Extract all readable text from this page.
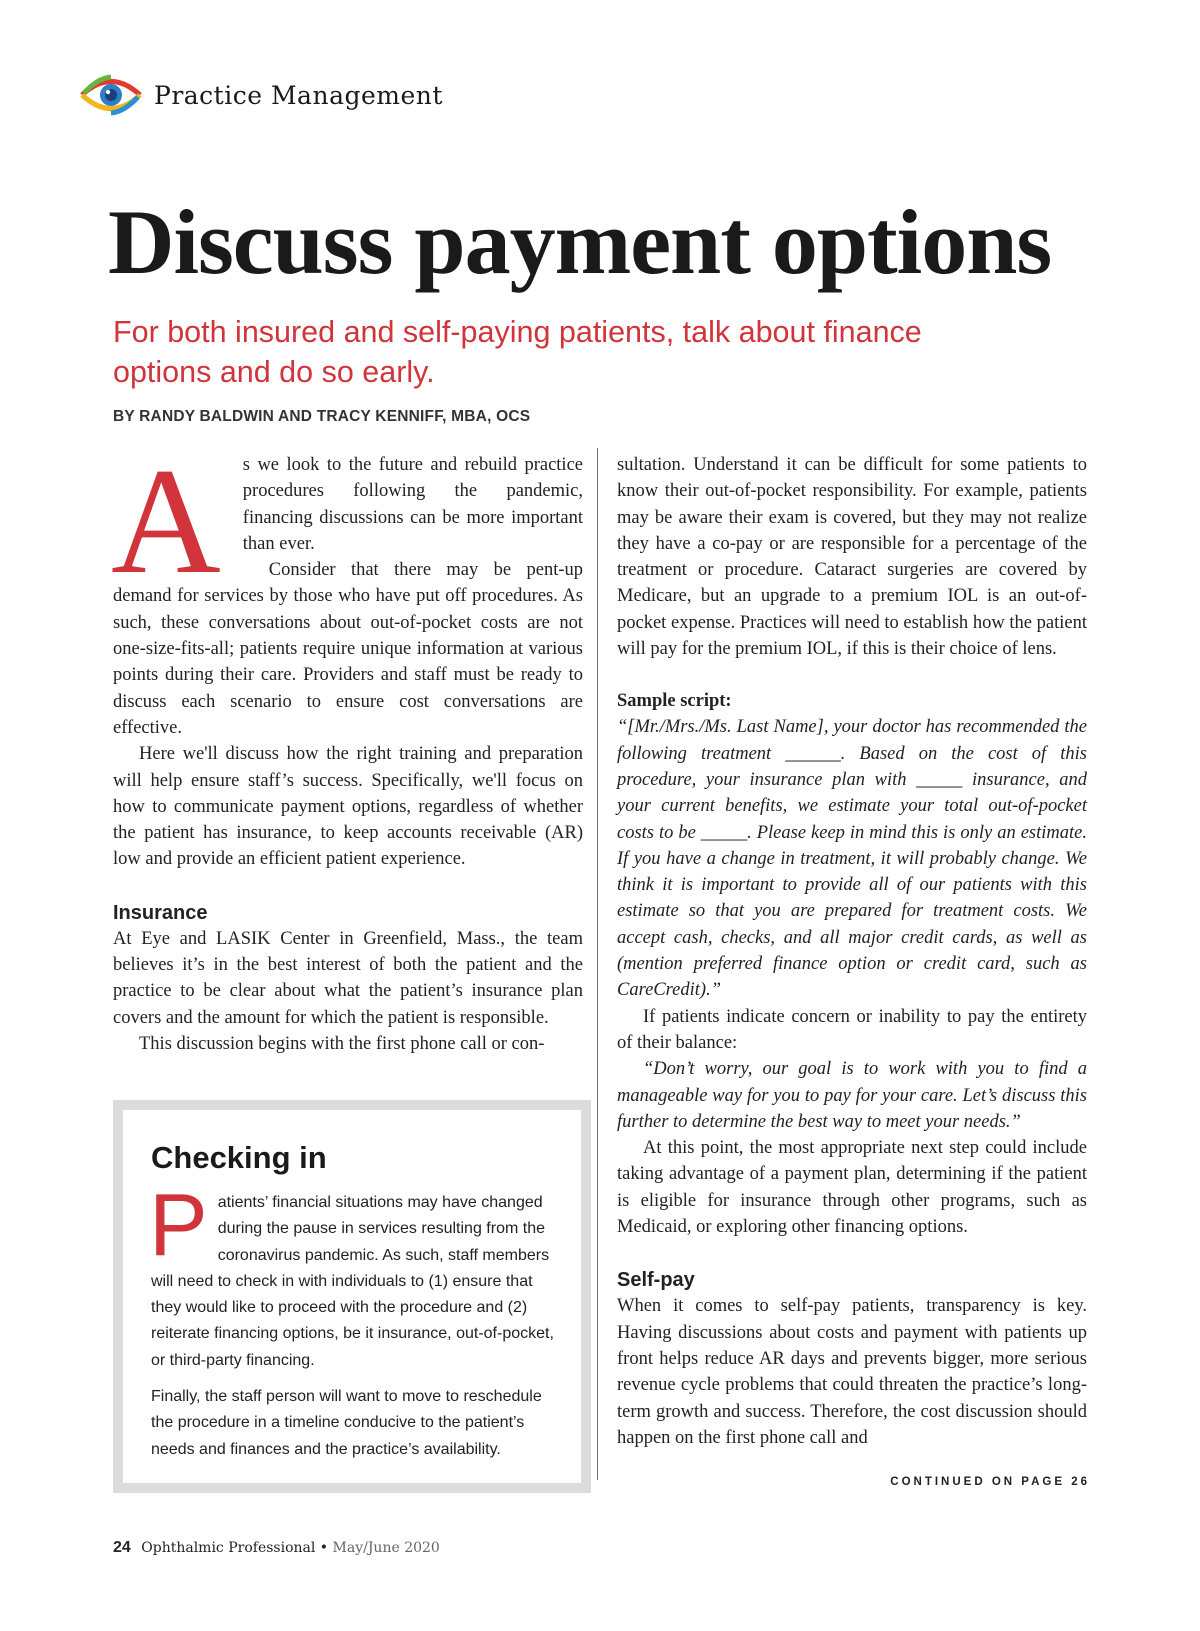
Practice Management
Discuss payment options

For both insured and self-paying patients, talk about finance options and do so early.

BY RANDY BALDWIN AND TRACY KENNIFF, MBA, OCS

A	s we look to the future and rebuild practice procedures following the pandemic, financing discussions can be more important than ever.

Consider that there may be pent-up demand for services by those who have put off procedures. As such, these conversations about out-of-pocket costs are not one-size-fits-all; patients require unique information at various points during their care. Providers and staff must be ready to discuss each scenario to ensure cost conversations are effective.

Here we'll discuss how the right training and preparation will help ensure staff’s success. Specifically, we'll focus on how to communicate payment options, regardless of whether the patient has insurance, to keep accounts receivable (AR) low and provide an efficient patient experience.

Insurance

At Eye and LASIK Center in Greenfield, Mass., the team believes it’s in the best interest of both the patient and the practice to be clear about what the patient’s insurance plan covers and the amount for which the patient is responsible.

This discussion begins with the first phone call or con-

sultation. Understand it can be difficult for some patients to know their out-of-pocket responsibility. For example, patients may be aware their exam is covered, but they may not realize they have a co-pay or are responsible for a percentage of the treatment or procedure. Cataract surgeries are covered by Medicare, but an upgrade to a premium IOL is an out-of-pocket expense. Practices will need to establish how the patient will pay for the premium IOL, if this is their choice of lens.

Sample script:

“[Mr./Mrs./Ms. Last Name], your doctor has recommended the following treatment ______. Based on the cost of this procedure, your insurance plan with _____ insurance, and your current benefits, we estimate your total out-of-pocket costs to be _____. Please keep in mind this is only an estimate. If you have a change in treatment, it will probably change. We think it is important to provide all of our patients with this estimate so that you are prepared for treatment costs. We accept cash, checks, and all major credit cards, as well as (mention preferred finance option or credit card, such as CareCredit).”

If patients indicate concern or inability to pay the entirety of their balance:

“Don’t worry, our goal is to work with you to find a manageable way for you to pay for your care. Let’s discuss this further to determine the best way to meet your needs.”

At this point, the most appropriate next step could include taking advantage of a payment plan, determining if the patient is eligible for insurance through other programs, such as Medicaid, or exploring other financing options.

Self-pay

When it comes to self-pay patients, transparency is key. Having discussions about costs and payment with patients up front helps reduce AR days and prevents bigger, more serious revenue cycle problems that could threaten the practice’s long-term growth and success. Therefore, the cost discussion should happen on the first phone call and

Checking in
P atients’ financial situations may have changed during the pause in services resulting from the coronavirus pandemic. As such, staff members will need to check in with individuals to (1) ensure that they would like to proceed with the procedure and (2) reiterate financing options, be it insurance, out-of-pocket, or third-party financing.

Finally, the staff person will want to move to reschedule the procedure in a timeline conducive to the patient’s needs and finances and the practice’s availability.

CONTINUED ON PAGE 26
24 Ophthalmic Professional • May/June 2020
